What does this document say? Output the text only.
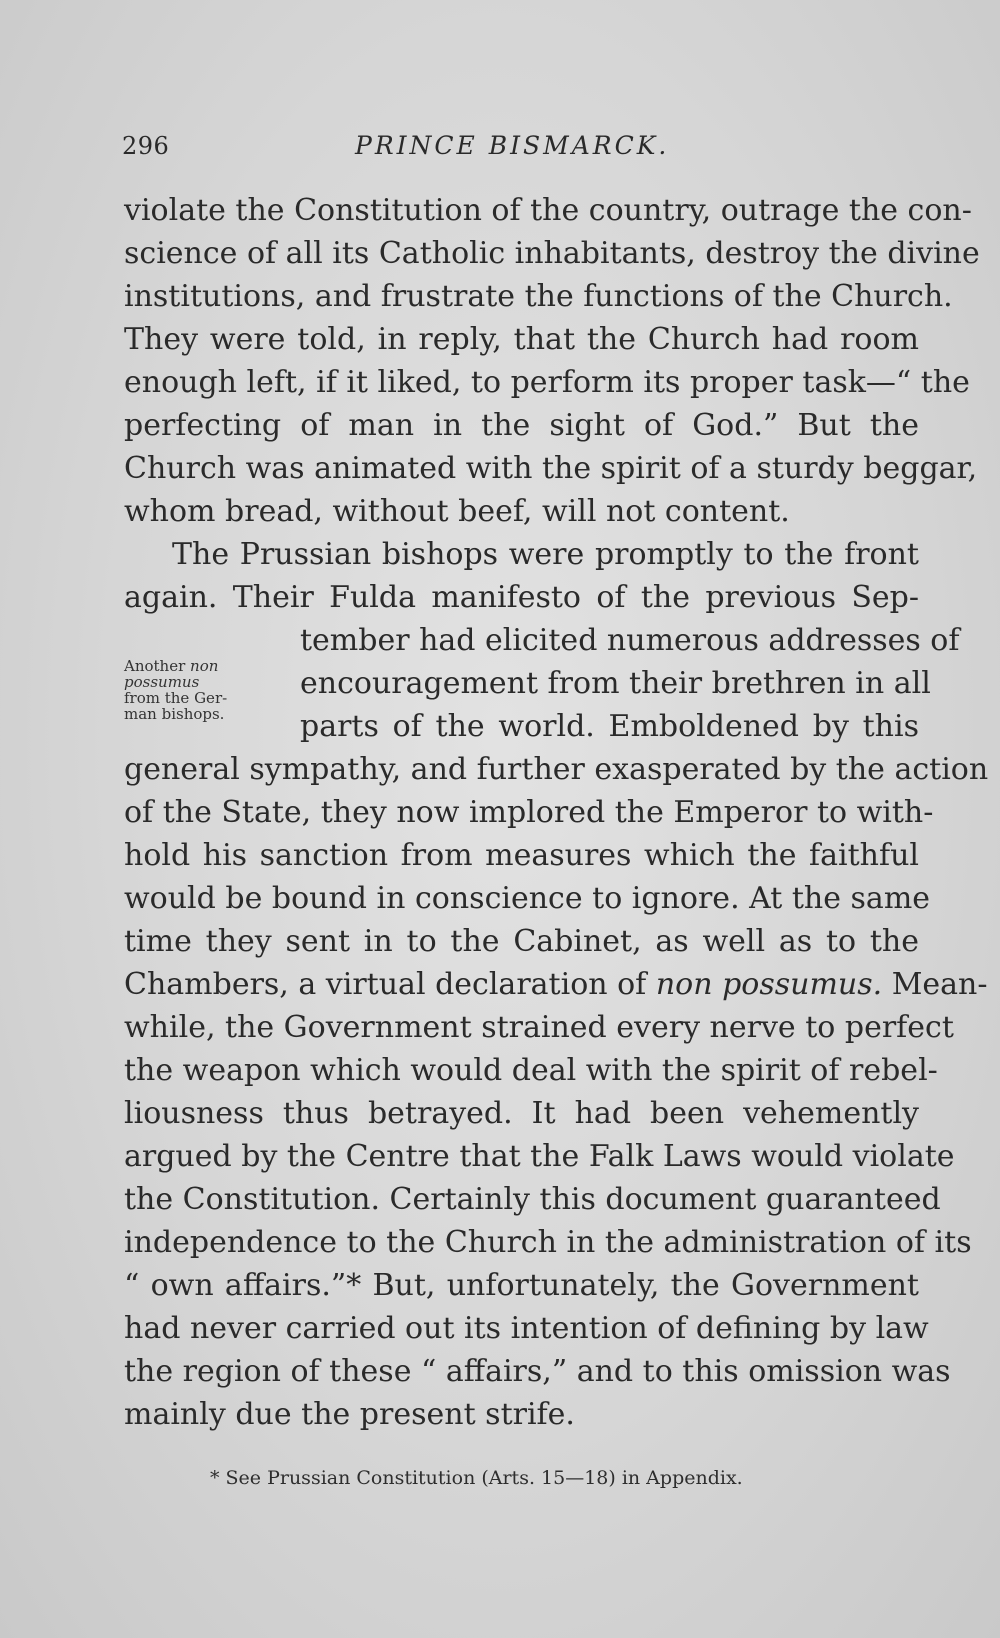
296	PRINCE BISMARCK.
violate the Constitution of the country, outrage the con-
science of all its Catholic inhabitants, destroy the divine
institutions, and frustrate the functions of the Church.
They were told, in reply, that the Church had room
enough left, if it liked, to perform its proper task—“ the
perfecting of man in the sight of God.” But the
Church was animated with the spirit of a sturdy beggar,
whom bread, without beef, will not content.
The Prussian bishops were promptly to the front
again. Their Fulda manifesto of the previous Sep-
tember had elicited numerous addresses of
encouragement from their brethren in all
parts of the world. Emboldened by this
general sympathy, and further exasperated by the action
of the State, they now implored the Emperor to with-
hold his sanction from measures which the faithful
would be bound in conscience to ignore. At the same
time they sent in to the Cabinet, as well as to the
Chambers, a virtual declaration of non possumus. Mean-
while, the Government strained every nerve to perfect
the weapon which would deal with the spirit of rebel-
liousness thus betrayed. It had been vehemently
argued by the Centre that the Falk Laws would violate
the Constitution. Certainly this document guaranteed
independence to the Church in the administration of its
“ own affairs.”* But, unfortunately, the Government
had never carried out its intention of defining by law
the region of these “ affairs,” and to this omission was
mainly due the present strife.
Another non
possumus
from the Ger-
man bishops.
* See Prussian Constitution (Arts. 15—18) in Appendix.
